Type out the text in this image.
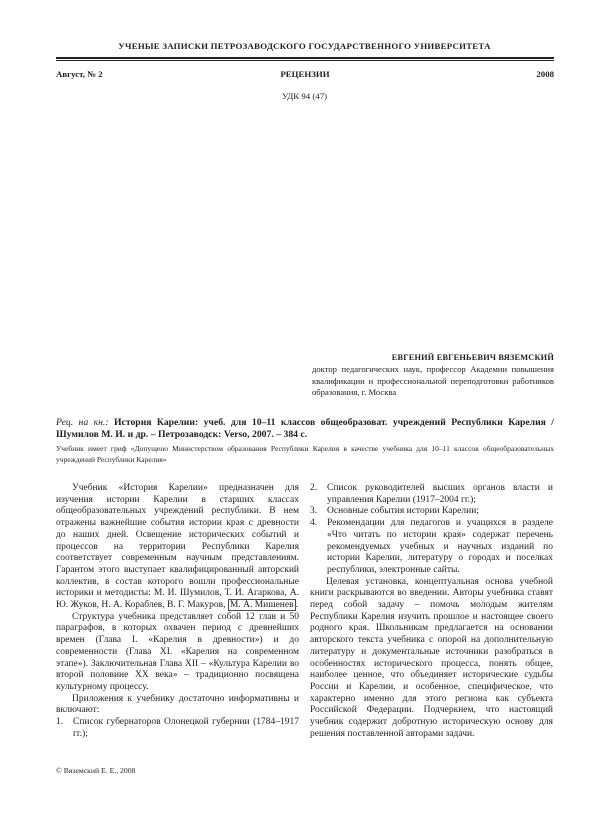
УЧЕНЫЕ ЗАПИСКИ ПЕТРОЗАВОДСКОГО ГОСУДАРСТВЕННОГО УНИВЕРСИТЕТА
Август, № 2	РЕЦЕНЗИИ	2008
УДК 94 (47)
ЕВГЕНИЙ ЕВГЕНЬЕВИЧ ВЯЗЕМСКИЙ
доктор педагогических наук, профессор Академии повышения квалификации и профессиональной переподготовки работников образования, г. Москва

Рец. на кн.: История Карелии: учеб. для 10–11 классов общеобразоват. учреждений Республики Карелия / Шумилов М. И. и др. – Петрозаводск: Verso, 2007. – 384 с.

Учебник имеет гриф «Допущено Министерством образования Республики Карелия в качестве учебника для 10–11 классов общеобразовательных учреждений Республики Карелия»

Учебник «История Карелии» предназначен для изучения истории Карелии в старших классах общеобразовательных учреждений республики. В нем отражены важнейшие события истории края с древности до наших дней. Освещение исторических событий и процессов на территории Республики Карелия соответствует современным научным представлениям. Гарантом этого выступает квалифицированный авторский коллектив, в состав которого вошли профессиональные историки и методисты: М. И. Шумилов, Т. И. Агаркова, А. Ю. Жуков, Н. А. Кораблев, В. Г. Макуров, М. А. Мишенев .

Структура учебника представляет собой 12 глав и 50 параграфов, в которых охвачен период с древнейших времен (Глава I. «Карелия в древности») и до современности (Глава XI. «Карелия на современном этапе»). Заключительная Глава XII – «Культура Карелии во второй половине XX века» – традиционно посвящена культурному процессу.

Приложения к учебнику достаточно информативны и включают:

1. Список губернаторов Олонецкой губернии (1784–1917 гг.);
2. Список руководителей высших органов власти и управления Карелии (1917–2004 гг.);
3. Основные события истории Карелии;
4. Рекомендации для педагогов и учащихся в разделе «Что читать по истории края» содержат перечень рекомендуемых учебных и научных изданий по истории Карелии, литературу о городах и поселках республики, электронные сайты.

Целевая установка, концептуальная основа учебной книги раскрываются во введении. Авторы учебника ставят перед собой задачу – помочь молодым жителям Республики Карелия изучить прошлое и настоящее своего родного края. Школьникам предлагается на основании авторского текста учебника с опорой на дополнительную литературу и документальные источники разобраться в особенностях исторического процесса, понять общее, наиболее ценное, что объединяет исторические судьбы России и Карелии, и особенное, специфическое, что характерно именно для этого региона как субъекта Российской Федерации. Подчеркнем, что настоящий учебник содержит добротную историческую основу для решения поставленной авторами задачи.

© Вяземский Е. Е., 2008
